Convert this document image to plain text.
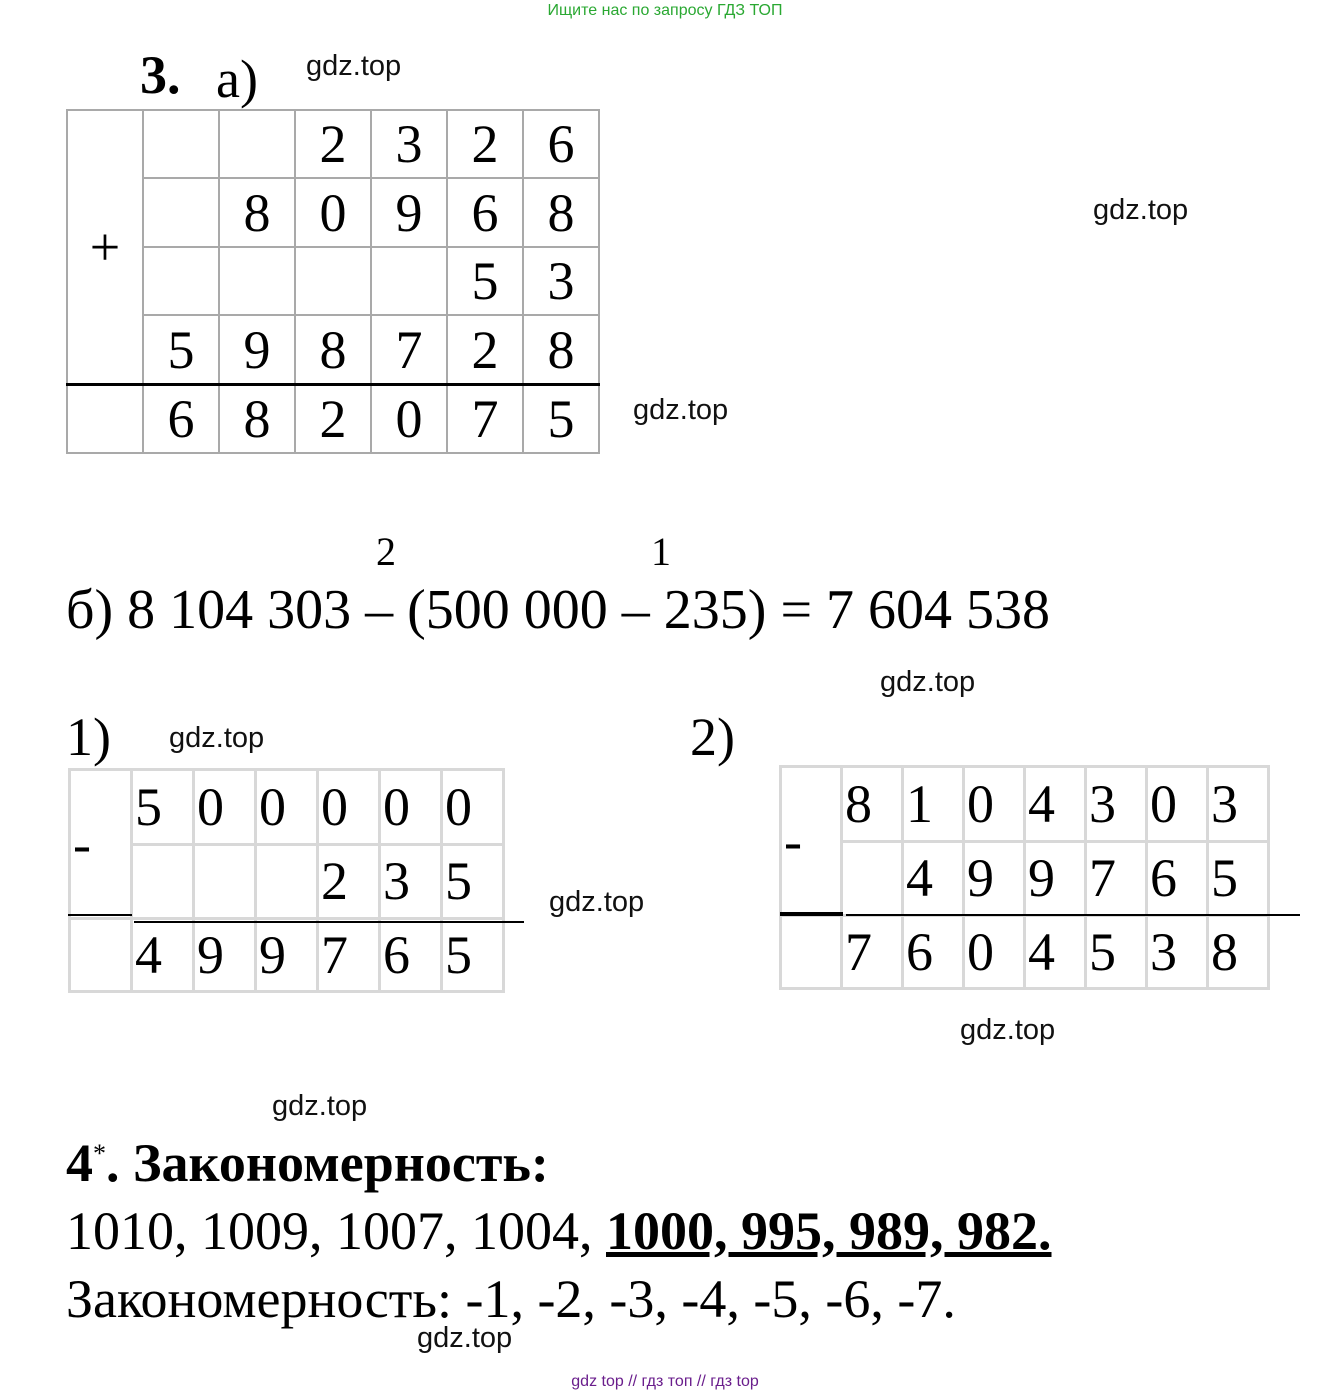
Ищите нас по запросу ГДЗ ТОП
3. а) gdz.top
gdz.top
gdz.top
gdz.top
gdz.top
gdz.top
gdz.top
gdz.top
gdz.top
+			2	3	2	6
		8	0	9	6	8
					5	3
	5	9	8	7	2	8
	6	8	2	0	7	5
2	1
б) 8 104 303 – (500 000 – 235) = 7 604 538
1)	2)
-	5	0	0	0	0	0
				2	3	5
	4	9	9	7	6	5
-	8	1	0	4	3	0	3
		4	9	9	7	6	5
	7	6	0	4	5	3	8
4*. Закономерность:
1010, 1009, 1007, 1004, 1000, 995, 989, 982.
Закономерность: -1, -2, -3, -4, -5, -6, -7.
gdz top // гдз топ // гдз top
